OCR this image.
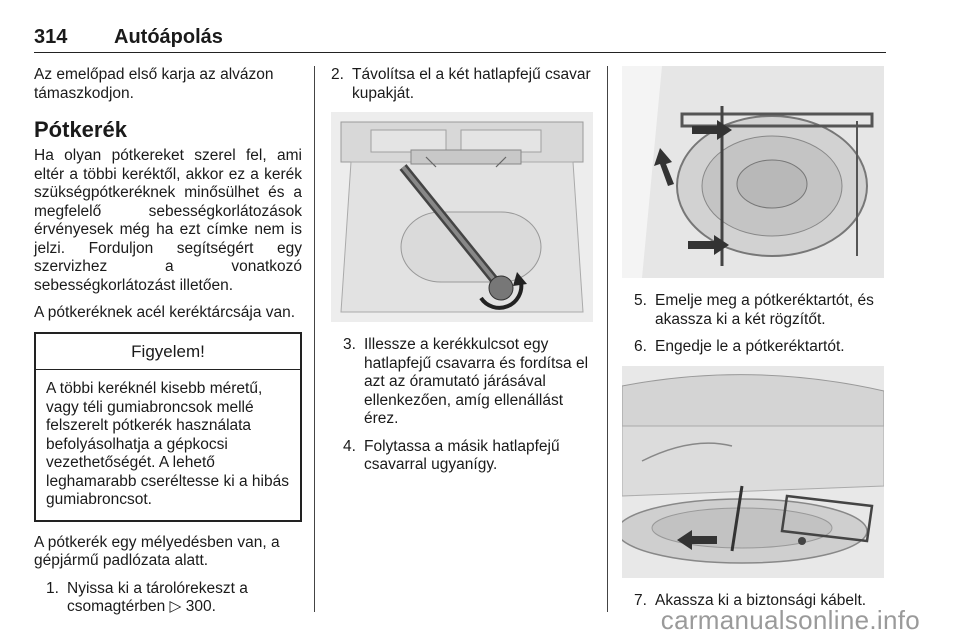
314 Autóápolás

Az emelőpad első karja az alvázon támaszkodjon.

Pótkerék

Ha olyan pótkereket szerel fel, ami eltér a többi keréktől, akkor ez a kerék szükségpótkeréknek minősülhet és a megfelelő sebességkorlátozások érvényesek még ha ezt címke nem is jelzi. Forduljon segítségért egy szervizhez a vonatkozó sebességkorlátozást illetően.

A pótkeréknek acél keréktárcsája van.

Figyelem!
A többi keréknél kisebb méretű, vagy téli gumiabroncsok mellé felszerelt pótkerék használata befolyásolhatja a gépkocsi vezethetőségét. A lehető leghamarabb cseréltesse ki a hibás gumiabroncsot.

A pótkerék egy mélyedésben van, a gépjármű padlózata alatt.

1. Nyissa ki a tárolórekeszt a csomagtérben ▷ 300.
2. Távolítsa el a két hatlapfejű csavar kupakját.
3. Illessze a kerékkulcsot egy hatlapfejű csavarra és fordítsa el azt az óramutató járásával ellenkezően, amíg ellenállást érez.
4. Folytassa a másik hatlapfejű csavarral ugyanígy.
5. Emelje meg a pótkeréktartót, és akassza ki a két rögzítőt.
6. Engedje le a pótkeréktartót.
7. Akassza ki a biztonsági kábelt.
carmanualsonline.info
